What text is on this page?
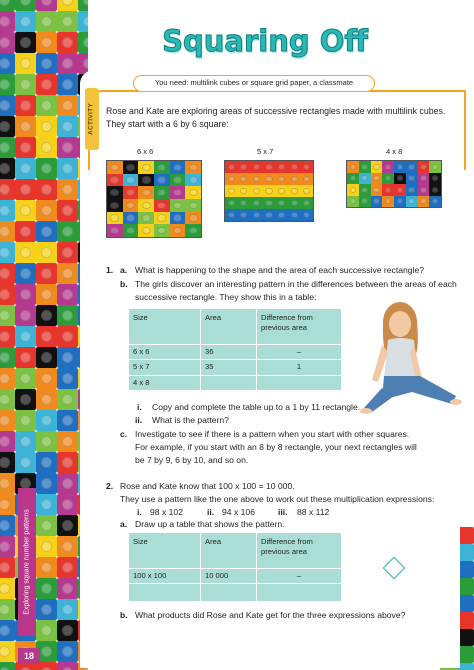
Exploring square number patterns
18
ACTIVITY
Squaring Off
You need: multilink cubes or square grid paper, a classmate
Rose and Kate are exploring areas of successive rectangles made with multilink cubes.
They start with a 6 by 6 square:
6 x 6	5 x 7	4 x 8
1. a. What is happening to the shape and the area of each successive rectangle?
b. The girls discover an interesting pattern in the differences between the areas of each
successive rectangle. They show this in a table:
Size	Area	Difference from previous area
6 x 6	36	–
5 x 7	35	1
4 x 8		
i. Copy and complete the table up to a 1 by 11 rectangle.
ii. What is the pattern?
c. Investigate to see if there is a pattern when you start with other squares.
For example, if you start with an 8 by 8 rectangle, your next rectangles will
be 7 by 9, 6 by 10, and so on.
2. Rose and Kate know that 100 x 100 = 10 000.
They use a pattern like the one above to work out these multiplication expressions:
i. 98 x 102	ii. 94 x 106	iii. 88 x 112
a. Draw up a table that shows the pattern.
Size	Area	Difference from previous area
100 x 100	10 000	–

b. What products did Rose and Kate get for the three expressions above?
